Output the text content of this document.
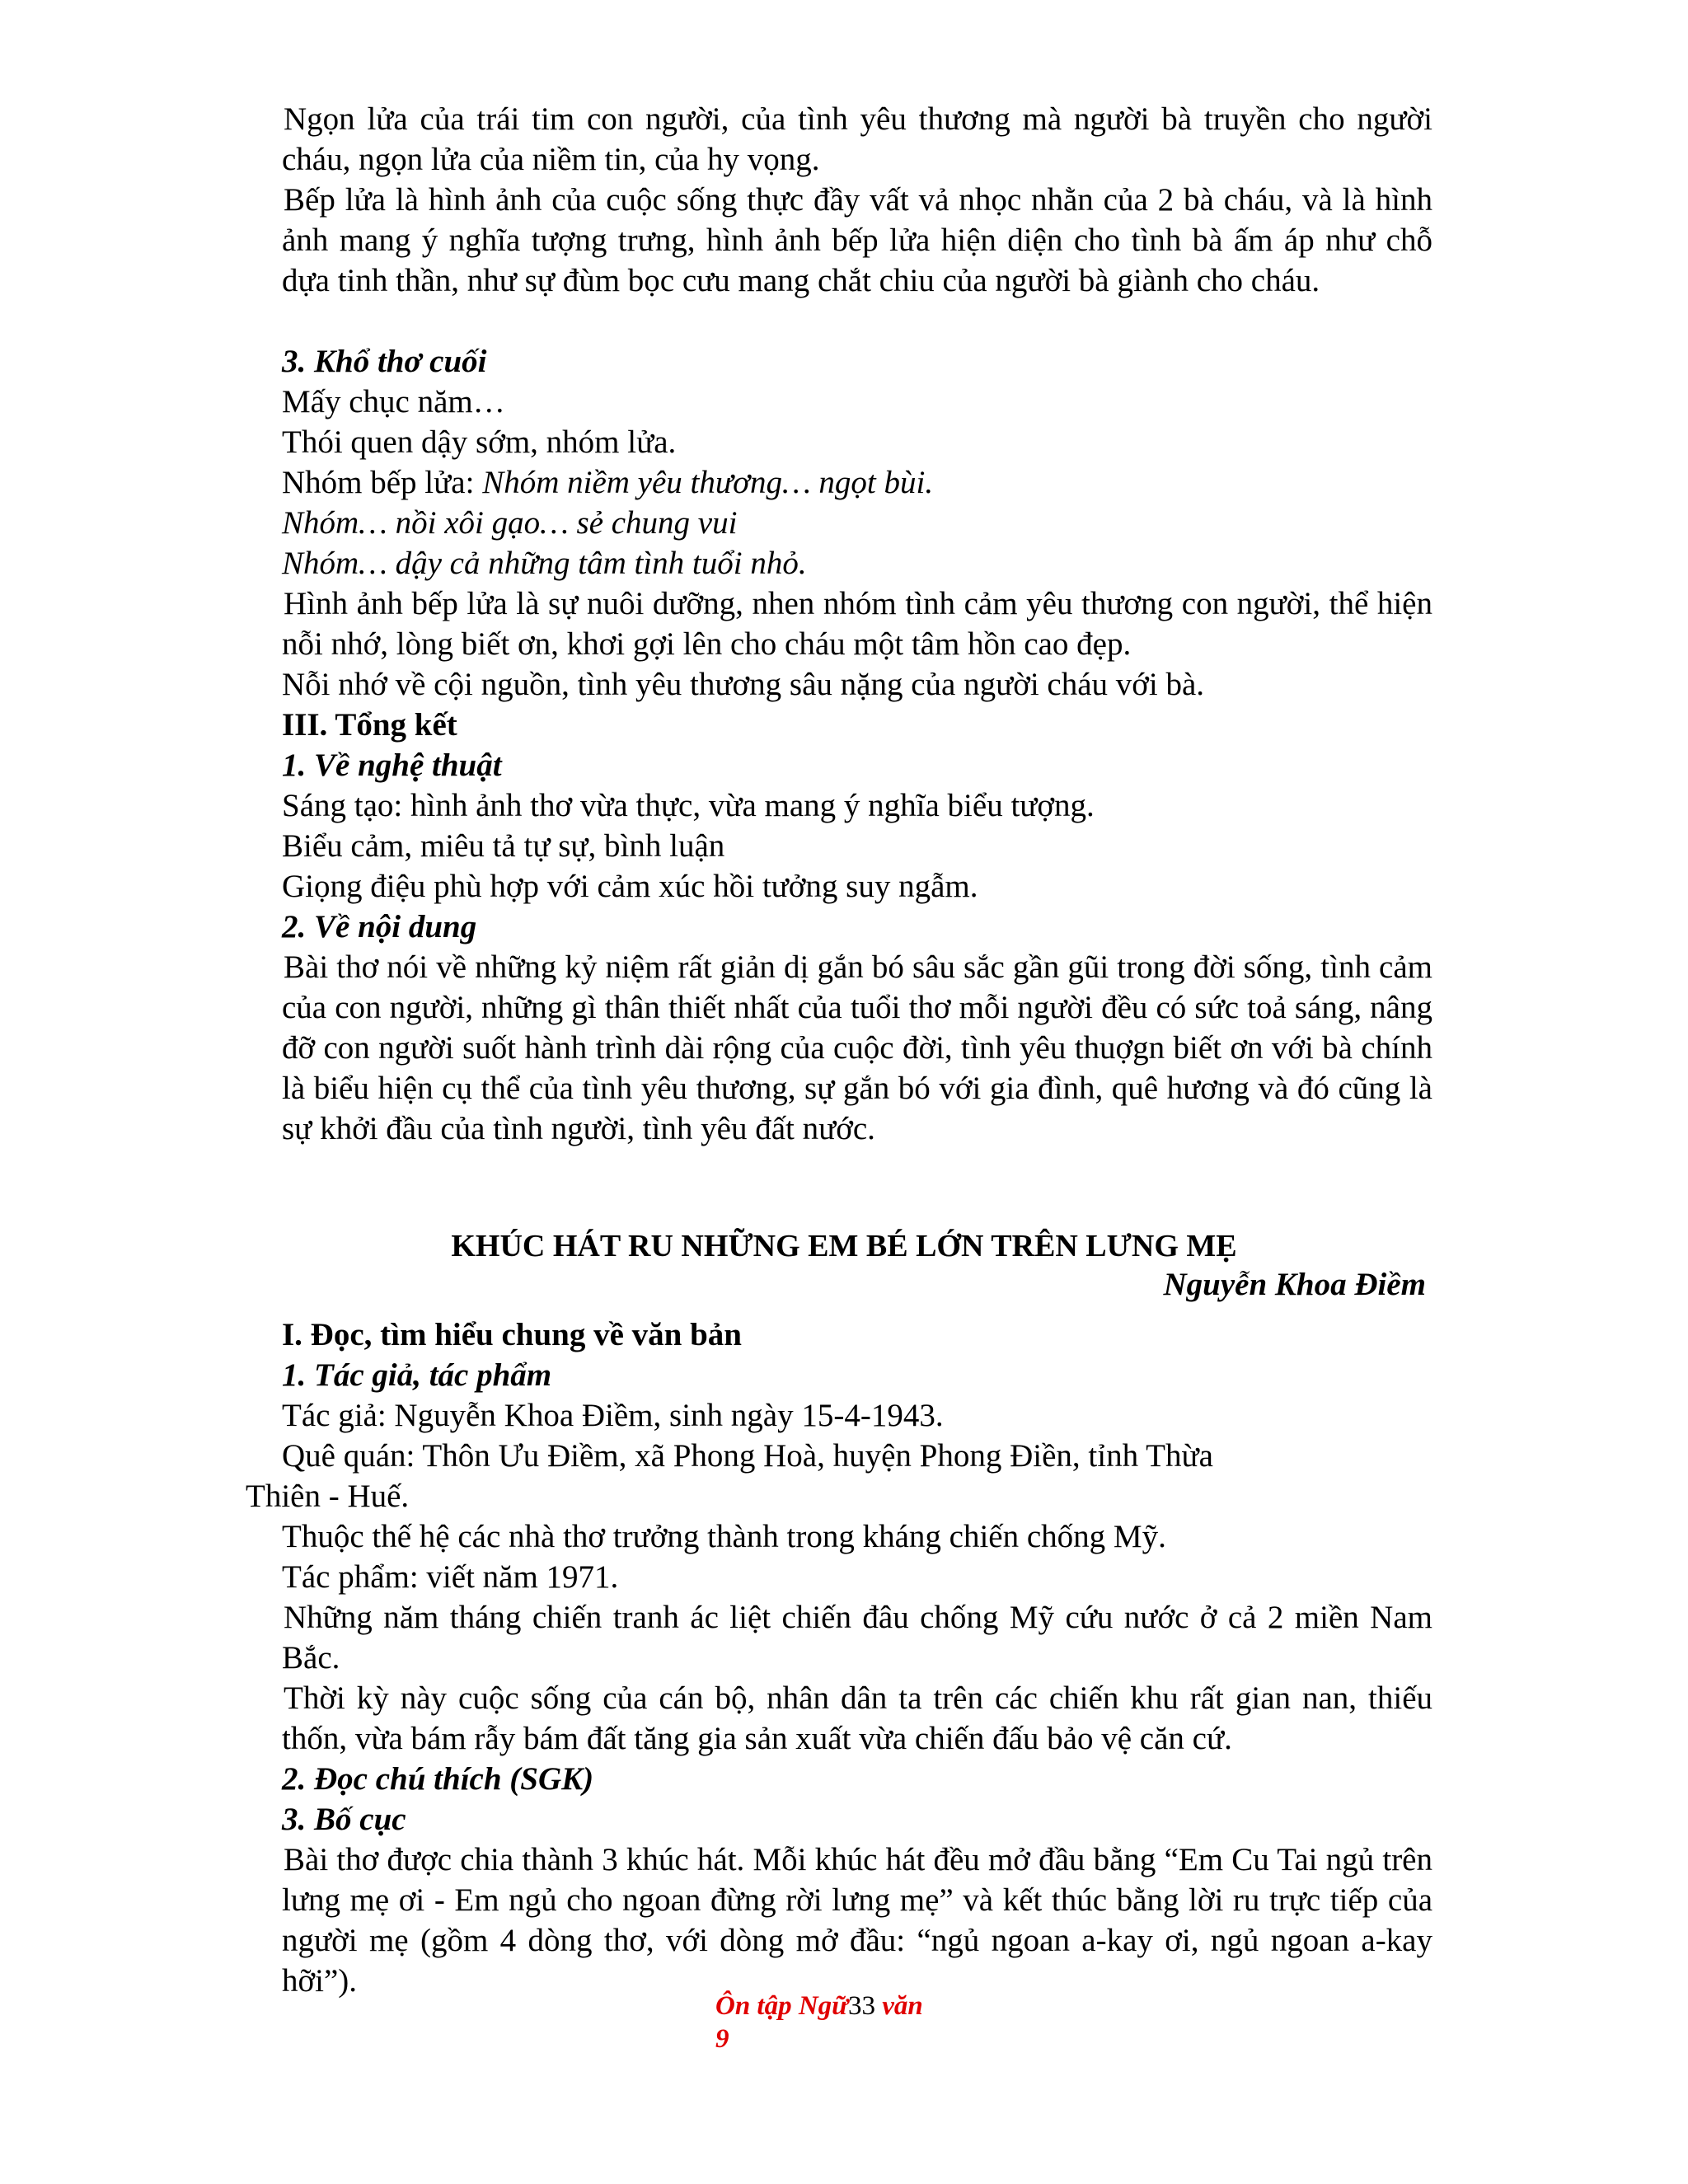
Ngọn lửa của trái tim con người, của tình yêu thương mà người bà truyền cho người cháu, ngọn lửa của niềm tin, của hy vọng.

Bếp lửa là hình ảnh của cuộc sống thực đầy vất vả nhọc nhằn của 2 bà cháu, và là hình ảnh mang ý nghĩa tượng trưng, hình ảnh bếp lửa hiện diện cho tình bà ấm áp như chỗ dựa tinh thần, như sự đùm bọc cưu mang chắt chiu của người bà giành cho cháu.

3. Khổ thơ cuối

Mấy chục năm…

Thói quen dậy sớm, nhóm lửa.

Nhóm bếp lửa: Nhóm niềm yêu thương… ngọt bùi.

Nhóm… nồi xôi gạo… sẻ chung vui

Nhóm… dậy cả những tâm tình tuổi nhỏ.

Hình ảnh bếp lửa là sự nuôi dưỡng, nhen nhóm tình cảm yêu thương con người, thể hiện nỗi nhớ, lòng biết ơn, khơi gợi lên cho cháu một tâm hồn cao đẹp.

Nỗi nhớ về cội nguồn, tình yêu thương sâu nặng của người cháu với bà.

III. Tổng kết

1. Về nghệ thuật

Sáng tạo: hình ảnh thơ vừa thực, vừa mang ý nghĩa biểu tượng.

Biểu cảm, miêu tả tự sự, bình luận

Giọng điệu phù hợp với cảm xúc hồi tưởng suy ngẫm.

2. Về nội dung

Bài thơ nói về những kỷ niệm rất giản dị gắn bó sâu sắc gần gũi trong đời sống, tình cảm của con người, những gì thân thiết nhất của tuổi thơ mỗi người đều có sức toả sáng, nâng đỡ con người suốt hành trình dài rộng của cuộc đời, tình yêu thuợgn biết ơn với bà chính là biểu hiện cụ thể của tình yêu thương, sự gắn bó với gia đình, quê hương và đó cũng là sự khởi đầu của tình người, tình yêu đất nước.

KHÚC HÁT RU NHỮNG EM BÉ LỚN TRÊN LƯNG MẸ

Nguyễn Khoa Điềm

I. Đọc, tìm hiểu chung về văn bản

1. Tác giả, tác phẩm

Tác giả: Nguyễn Khoa Điềm, sinh ngày 15-4-1943.

Quê quán: Thôn Ưu Điềm, xã Phong Hoà, huyện Phong Điền, tỉnh Thừa

Thiên - Huế.

Thuộc thế hệ các nhà thơ trưởng thành trong kháng chiến chống Mỹ.

Tác phẩm: viết năm 1971.

Những năm tháng chiến tranh ác liệt chiến đâu chống Mỹ cứu nước ở cả 2 miền Nam Bắc.

Thời kỳ này cuộc sống của cán bộ, nhân dân ta trên các chiến khu rất gian nan, thiếu thốn, vừa bám rẫy bám đất tăng gia sản xuất vừa chiến đấu bảo vệ căn cứ.

2. Đọc chú thích (SGK)

3. Bố cục

Bài thơ được chia thành 3 khúc hát. Mỗi khúc hát đều mở đầu bằng “Em Cu Tai ngủ trên lưng mẹ ơi - Em ngủ cho ngoan đừng rời lưng mẹ” và kết thúc bằng lời ru trực tiếp của người mẹ (gồm 4 dòng thơ, với dòng mở đầu: “ngủ ngoan a-kay ơi, ngủ ngoan a-kay hỡi”).

Ôn tập Ngữ33 văn
9
